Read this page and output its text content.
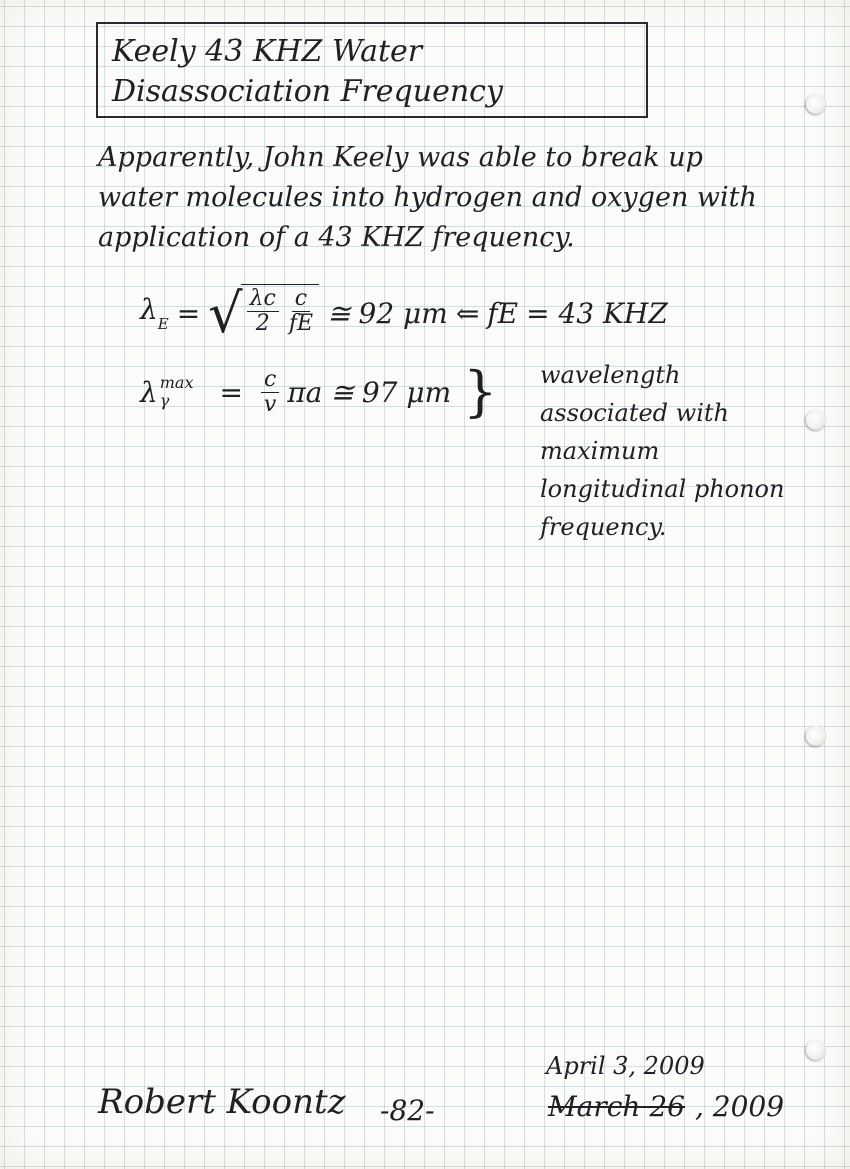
Keely 43 KHZ Water Disassociation Frequency
Apparently, John Keely was able to break up water molecules into hydrogen and oxygen with application of a 43 KHZ frequency.
$\lambda_E$ = √ $\frac{\lambda c}{2} \frac{c}{fE}$ ≅ 92 μm ⇐ fE = 43 KHZ
λ max
γ	= $\frac{c}{v}$ πa ≅ 97 μm } wavelength associated with maximum longitudinal phonon frequency.
Robert Koontz -82-
April 3, 2009
March 26 , 2009
